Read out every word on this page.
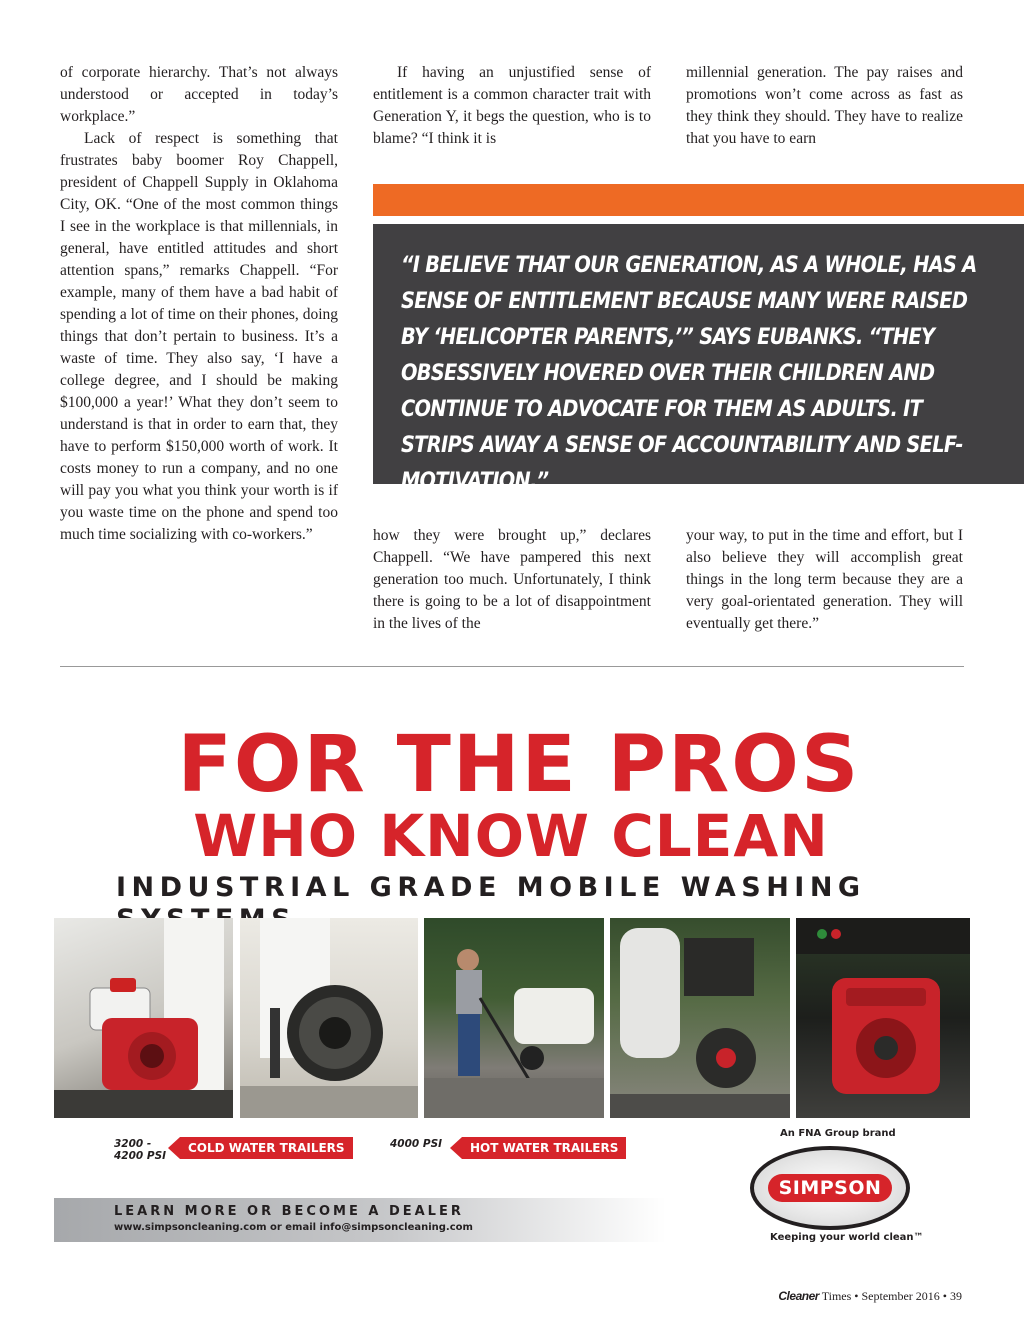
of corporate hierarchy. That’s not always understood or accepted in today’s workplace.”

Lack of respect is something that frustrates baby boomer Roy Chappell, president of Chappell Supply in Oklahoma City, OK. “One of the most common things I see in the workplace is that millennials, in general, have entitled attitudes and short attention spans,” remarks Chappell. “For example, many of them have a bad habit of spending a lot of time on their phones, doing things that don’t pertain to business. It’s a waste of time. They also say, ‘I have a college degree, and I should be making $100,000 a year!’ What they don’t seem to understand is that in order to earn that, they have to perform $150,000 worth of work. It costs money to run a company, and no one will pay you what you think your worth is if you waste time on the phone and spend too much time socializing with co-workers.”

If having an unjustified sense of entitlement is a common character trait with Generation Y, it begs the question, who is to blame? “I think it is

millennial generation. The pay raises and promotions won’t come across as fast as they think they should. They have to realize that you have to earn

“I BELIEVE THAT OUR GENERATION, AS A WHOLE, HAS A SENSE OF ENTITLEMENT BECAUSE MANY WERE RAISED BY ‘HELICOPTER PARENTS,’” SAYS EUBANKS. “THEY OBSESSIVELY HOVERED OVER THEIR CHILDREN AND CONTINUE TO ADVOCATE FOR THEM AS ADULTS. IT STRIPS AWAY A SENSE OF ACCOUNTABILITY AND SELF-MOTIVATION.”

how they were brought up,” declares Chappell. “We have pampered this next generation too much. Unfortunately, I think there is going to be a lot of disappointment in the lives of the

your way, to put in the time and effort, but I also believe they will accomplish great things in the long term because they are a very goal-orientated generation. They will eventually get there.”

FOR THE PROS
WHO KNOW CLEAN
INDUSTRIAL GRADE MOBILE WASHING
3200 -
4200 PSI
COLD WATER TRAILERS	4000 PSI	HOT WATER TRAILERS
An FNA Group brand
SIMPSON
Keeping your world clean™
LEARN MORE OR BECOME A DEALER
www.simpsoncleaning.com or email info@simpsoncleaning.com
Cleaner Times • September 2016 • 39
